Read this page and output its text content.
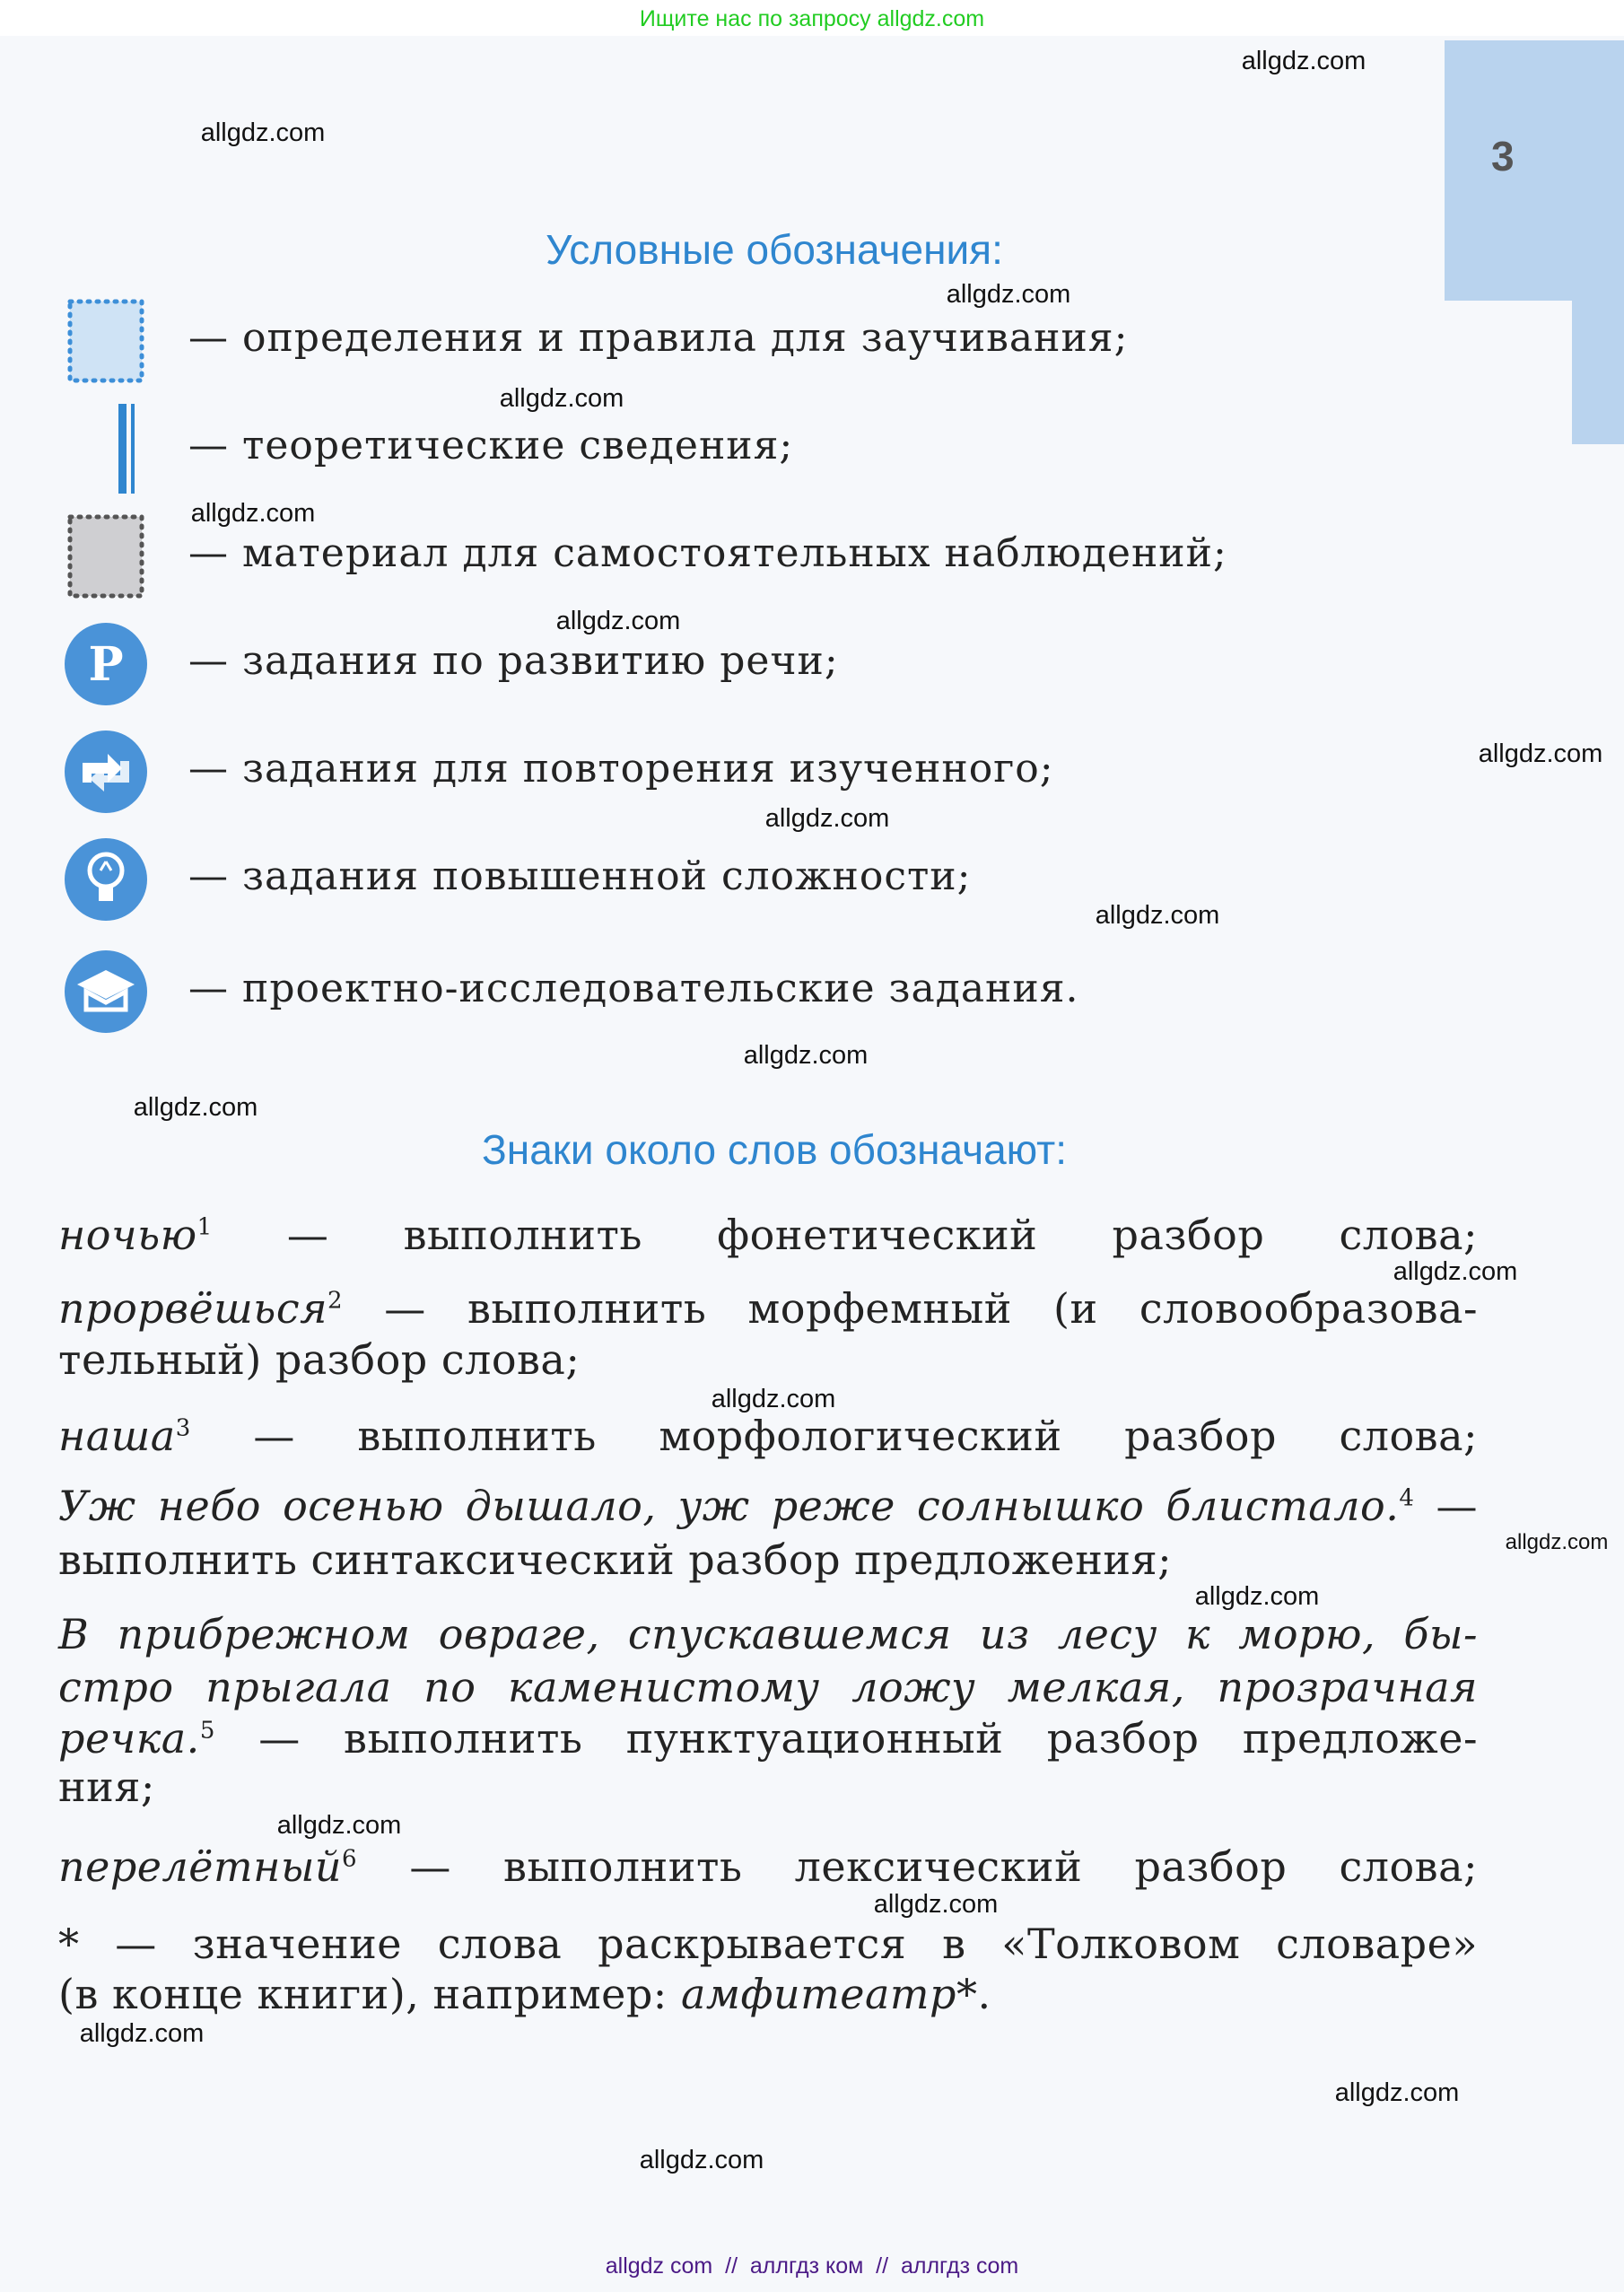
Ищите нас по запросу allgdz.com
3
Условные обозначения:
— определения и правила для заучивания;
— теоретические сведения;
— материал для самостоятельных наблюдений;
Р — задания по развитию речи;
— задания для повторения изученного;
— задания повышенной сложности;
— проектно-исследовательские задания.
Знаки около слов обозначают:
ночью$^1$ — выполнить фонетический разбор слова;
прорвёшься$^2$ — выполнить морфемный (и словообразова-
тельный) разбор слова;
наша$^3$ — выполнить морфологический разбор слова;
Уж небо осенью дышало, уж реже солнышко блистало.$^4$ —
выполнить синтаксический разбор предложения;
В прибрежном овраге, спускавшемся из лесу к морю, бы-
стро прыгала по каменистому ложу мелкая, прозрачная
речка.$^5$ — выполнить пунктуационный разбор предложе-
ния;
перелётный$^6$ — выполнить лексический разбор слова;
* — значение слова раскрывается в «Толковом словаре»
(в конце книги), например: амфитеатр*.
allgdz.com
allgdz.com
allgdz.com
allgdz.com
allgdz.com
allgdz.com
allgdz.com
allgdz.com
allgdz.com
allgdz.com
allgdz.com
allgdz.com
allgdz.com
allgdz.com
allgdz.com
allgdz.com
allgdz.com
allgdz.com
allgdz.com
allgdz.com
allgdz com  //  аллгдз ком  //  аллгдз com
